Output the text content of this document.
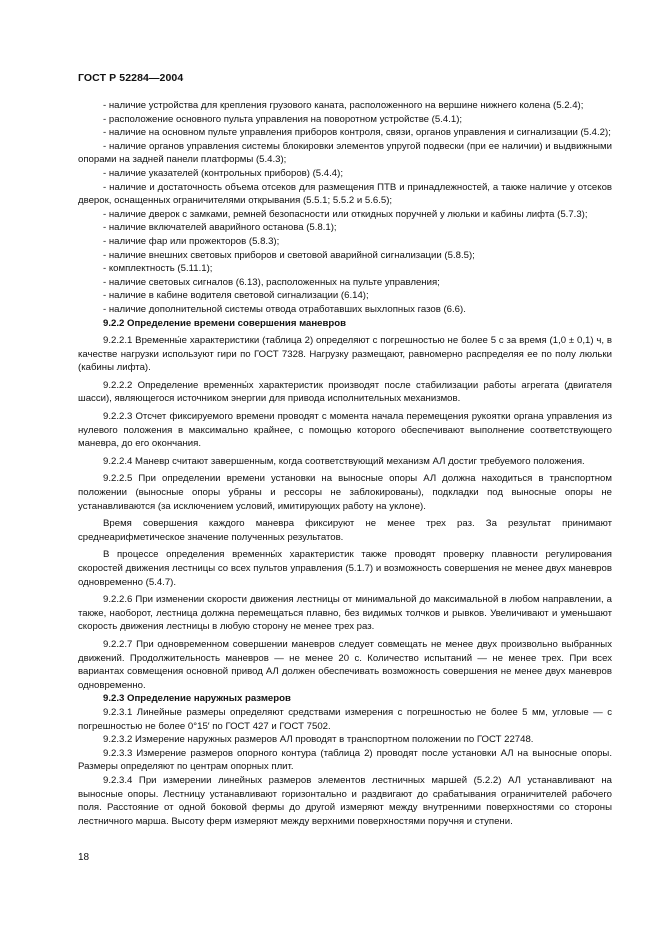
ГОСТ Р 52284—2004

- наличие устройства для крепления грузового каната, расположенного на вершине нижнего колена (5.2.4);

- расположение основного пульта управления на поворотном устройстве (5.4.1);

- наличие на основном пульте управления приборов контроля, связи, органов управления и сигнализации (5.4.2);

- наличие органов управления системы блокировки элементов упругой подвески (при ее наличии) и выдвижными опорами на задней панели платформы (5.4.3);

- наличие указателей (контрольных приборов) (5.4.4);

- наличие и достаточность объема отсеков для размещения ПТВ и принадлежностей, а также наличие у отсеков дверок, оснащенных ограничителями открывания (5.5.1; 5.5.2 и 5.6.5);

- наличие дверок с замками, ремней безопасности или откидных поручней у люльки и кабины лифта (5.7.3);

- наличие включателей аварийного останова (5.8.1);

- наличие фар или прожекторов (5.8.3);

- наличие внешних световых приборов и световой аварийной сигнализации (5.8.5);

- комплектность (5.11.1);

- наличие световых сигналов (6.13), расположенных на пульте управления;

- наличие в кабине водителя световой сигнализации (6.14);

- наличие дополнительной системы отвода отработавших выхлопных газов (6.6).

9.2.2 Определение времени совершения маневров

9.2.2.1 Временны́е характеристики (таблица 2) определяют с погрешностью не более 5 с за время (1,0 ± 0,1) ч, в качестве нагрузки используют гири по ГОСТ 7328. Нагрузку размещают, равномерно распределяя ее по полу люльки (кабины лифта).

9.2.2.2 Определение временны́х характеристик производят после стабилизации работы агрегата (двигателя шасси), являющегося источником энергии для привода исполнительных механизмов.

9.2.2.3 Отсчет фиксируемого времени проводят с момента начала перемещения рукоятки органа управления из нулевого положения в максимально крайнее, с помощью которого обеспечивают выполнение соответствующего маневра, до его окончания.

9.2.2.4 Маневр считают завершенным, когда соответствующий механизм АЛ достиг требуемого положения.

9.2.2.5 При определении времени установки на выносные опоры АЛ должна находиться в транспортном положении (выносные опоры убраны и рессоры не заблокированы), подкладки под выносные опоры не устанавливаются (за исключением условий, имитирующих работу на уклоне).

Время совершения каждого маневра фиксируют не менее трех раз. За результат принимают среднеарифметическое значение полученных результатов.

В процессе определения временны́х характеристик также проводят проверку плавности регулирования скоростей движения лестницы со всех пультов управления (5.1.7) и возможность совершения не менее двух маневров одновременно (5.4.7).

9.2.2.6 При изменении скорости движения лестницы от минимальной до максимальной в любом направлении, а также, наоборот, лестница должна перемещаться плавно, без видимых толчков и рывков. Увеличивают и уменьшают скорость движения лестницы в любую сторону не менее трех раз.

9.2.2.7 При одновременном совершении маневров следует совмещать не менее двух произвольно выбранных движений. Продолжительность маневров — не менее 20 с. Количество испытаний — не менее трех. При всех вариантах совмещения основной привод АЛ должен обеспечивать возможность совершения не менее двух маневров одновременно.

9.2.3 Определение наружных размеров

9.2.3.1 Линейные размеры определяют средствами измерения с погрешностью не более 5 мм, угловые — с погрешностью не более 0°15′ по ГОСТ 427 и ГОСТ 7502.

9.2.3.2 Измерение наружных размеров АЛ проводят в транспортном положении по ГОСТ 22748.

9.2.3.3 Измерение размеров опорного контура (таблица 2) проводят после установки АЛ на выносные опоры. Размеры определяют по центрам опорных плит.

9.2.3.4 При измерении линейных размеров элементов лестничных маршей (5.2.2) АЛ устанавливают на выносные опоры. Лестницу устанавливают горизонтально и раздвигают до срабатывания ограничителей рабочего поля. Расстояние от одной боковой фермы до другой измеряют между внутренними поверхностями со стороны лестничного марша. Высоту ферм измеряют между верхними поверхностями поручня и ступени.

18
